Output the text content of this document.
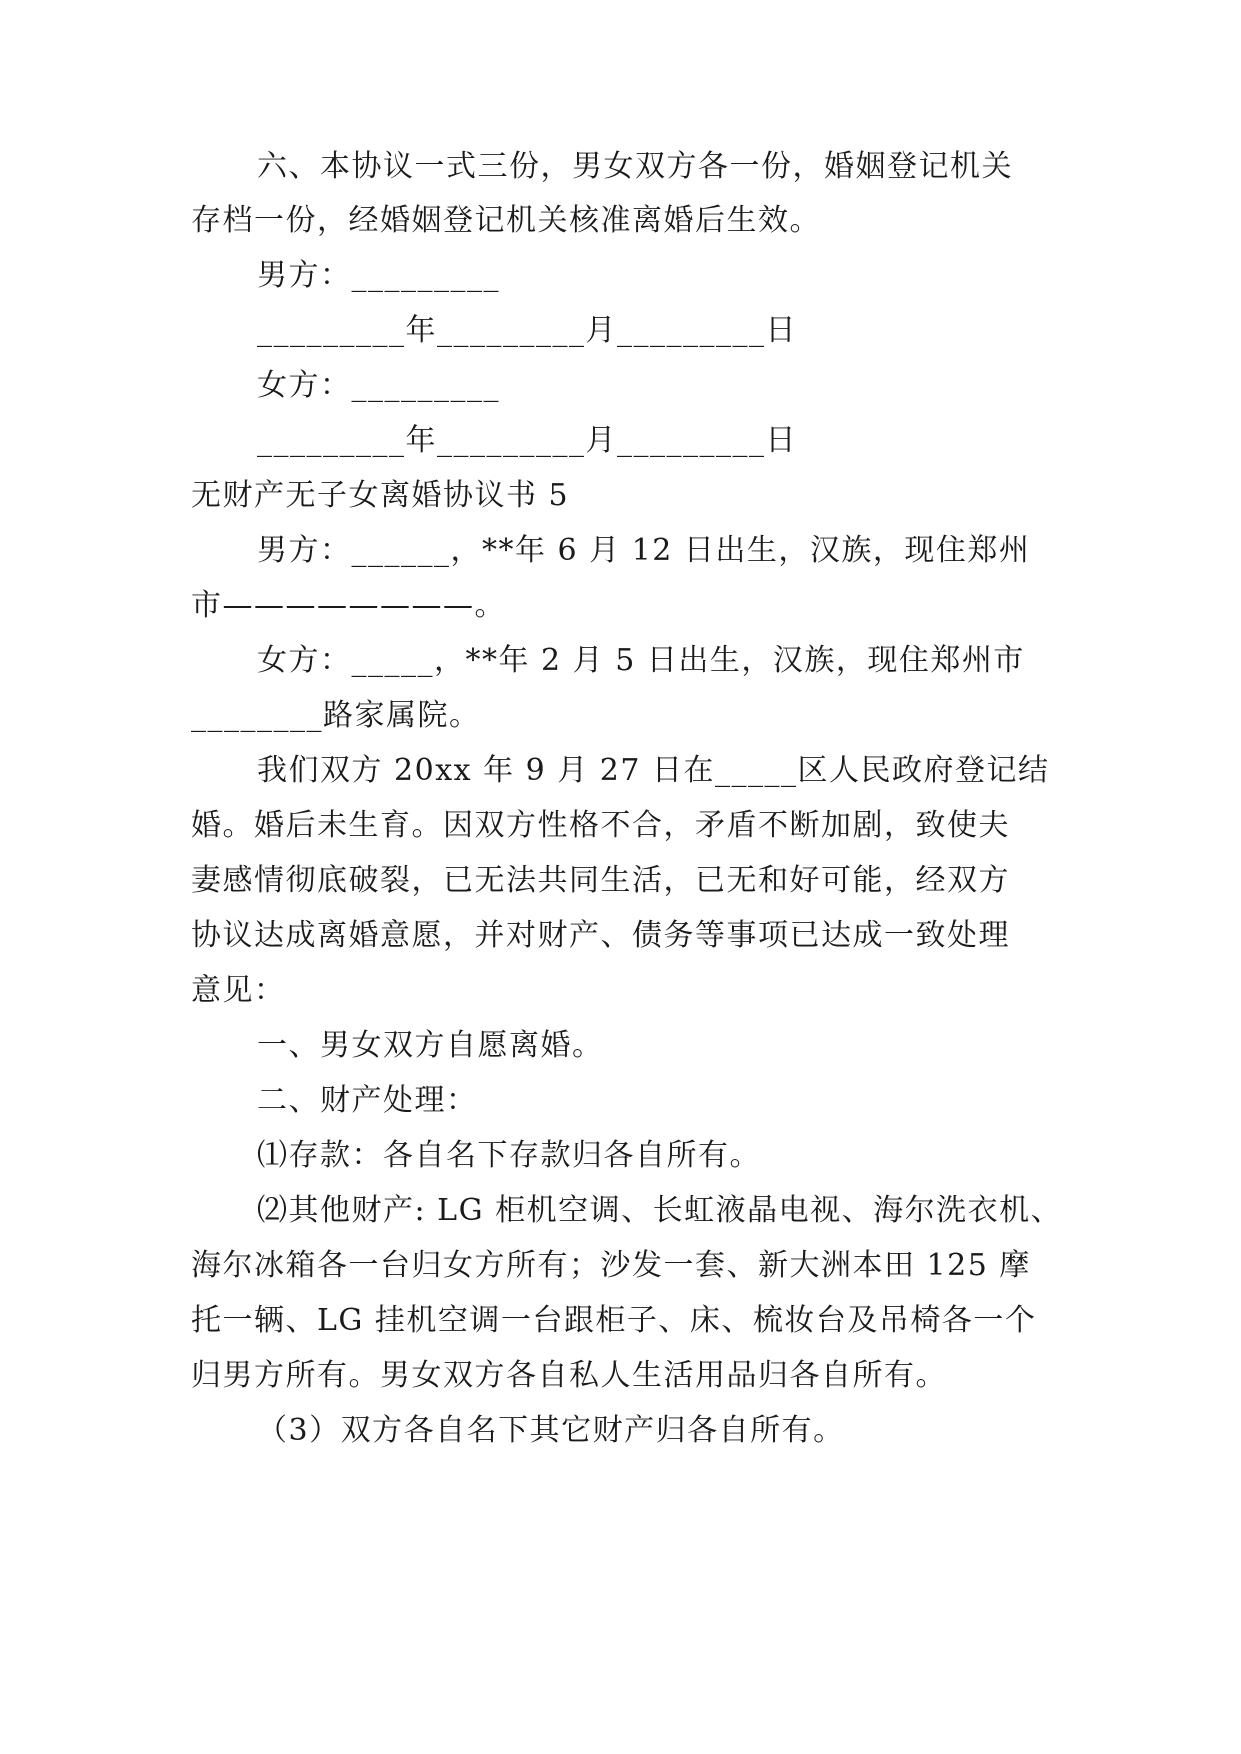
六、本协议一式三份，男女双方各一份，婚姻登记机关
存档一份，经婚姻登记机关核准离婚后生效。
男方：_________
_________年_________月_________日
女方：_________
_________年_________月_________日
无财产无子女离婚协议书 5
男方：______，**年 6 月 12 日出生，汉族，现住郑州
市————————。
女方：_____，**年 2 月 5 日出生，汉族，现住郑州市
________路家属院。
我们双方 20xx 年 9 月 27 日在_____区人民政府登记结
婚。婚后未生育。因双方性格不合，矛盾不断加剧，致使夫
妻感情彻底破裂，已无法共同生活，已无和好可能，经双方
协议达成离婚意愿，并对财产、债务等事项已达成一致处理
意见：
一、男女双方自愿离婚。
二、财产处理：
⑴存款：各自名下存款归各自所有。
⑵其他财产: LG 柜机空调、长虹液晶电视、海尔洗衣机、
海尔冰箱各一台归女方所有；沙发一套、新大洲本田 125 摩
托一辆、LG 挂机空调一台跟柜子、床、梳妆台及吊椅各一个
归男方所有。男女双方各自私人生活用品归各自所有。
（3）双方各自名下其它财产归各自所有。
